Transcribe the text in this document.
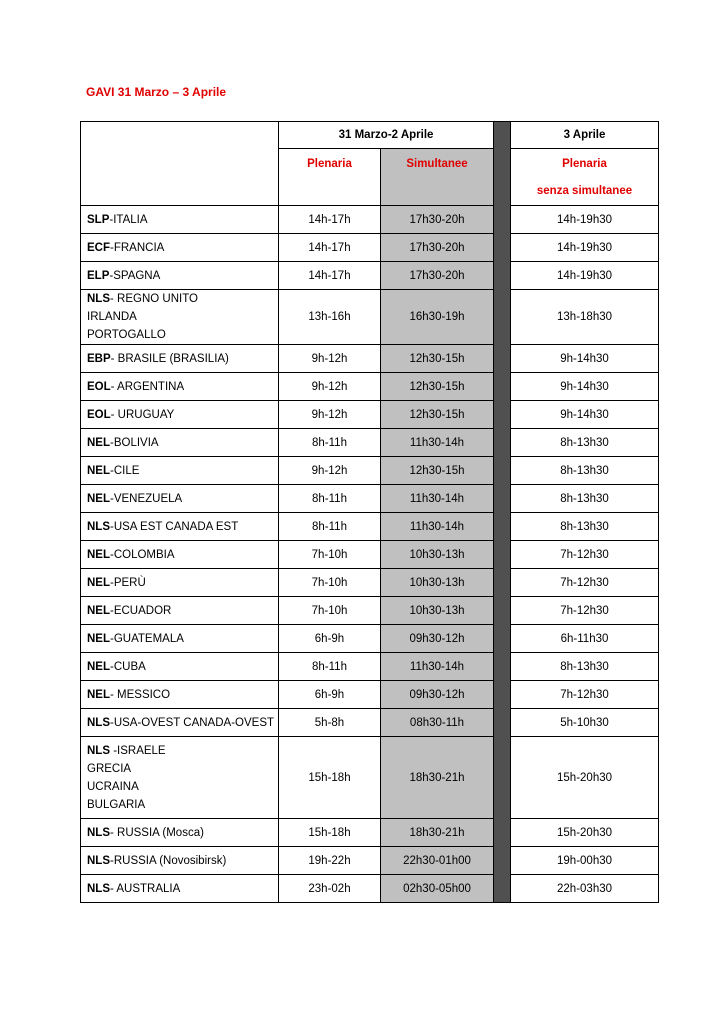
GAVI 31 Marzo – 3 Aprile
	31 Marzo-2 Aprile			3 Aprile

	Plenaria	Simultanee		Plenaria
senza simultanee

SLP-ITALIA	14h-17h	17h30-20h		14h-19h30

ECF-FRANCIA	14h-17h	17h30-20h		14h-19h30

ELP-SPAGNA	14h-17h	17h30-20h		14h-19h30

NLS- REGNO UNITO
IRLANDA
PORTOGALLO	13h-16h	16h30-19h		13h-18h30

EBP- BRASILE (BRASILIA)	9h-12h	12h30-15h		9h-14h30

EOL- ARGENTINA	9h-12h	12h30-15h		9h-14h30

EOL- URUGUAY	9h-12h	12h30-15h		9h-14h30

NEL-BOLIVIA	8h-11h	11h30-14h		8h-13h30

NEL-CILE	9h-12h	12h30-15h		8h-13h30

NEL-VENEZUELA	8h-11h	11h30-14h		8h-13h30

NLS-USA EST CANADA EST	8h-11h	11h30-14h		8h-13h30

NEL-COLOMBIA	7h-10h	10h30-13h		7h-12h30

NEL-PERÙ	7h-10h	10h30-13h		7h-12h30

NEL-ECUADOR	7h-10h	10h30-13h		7h-12h30

NEL-GUATEMALA	6h-9h	09h30-12h		6h-11h30

NEL-CUBA	8h-11h	11h30-14h		8h-13h30

NEL- MESSICO	6h-9h	09h30-12h		7h-12h30

NLS-USA-OVEST CANADA-OVEST	5h-8h	08h30-11h		5h-10h30

NLS -ISRAELE
GRECIA
UCRAINA
BULGARIA	15h-18h	18h30-21h		15h-20h30

NLS- RUSSIA (Mosca)	15h-18h	18h30-21h		15h-20h30

NLS-RUSSIA (Novosibirsk)	19h-22h	22h30-01h00		19h-00h30

NLS- AUSTRALIA	23h-02h	02h30-05h00		22h-03h30
